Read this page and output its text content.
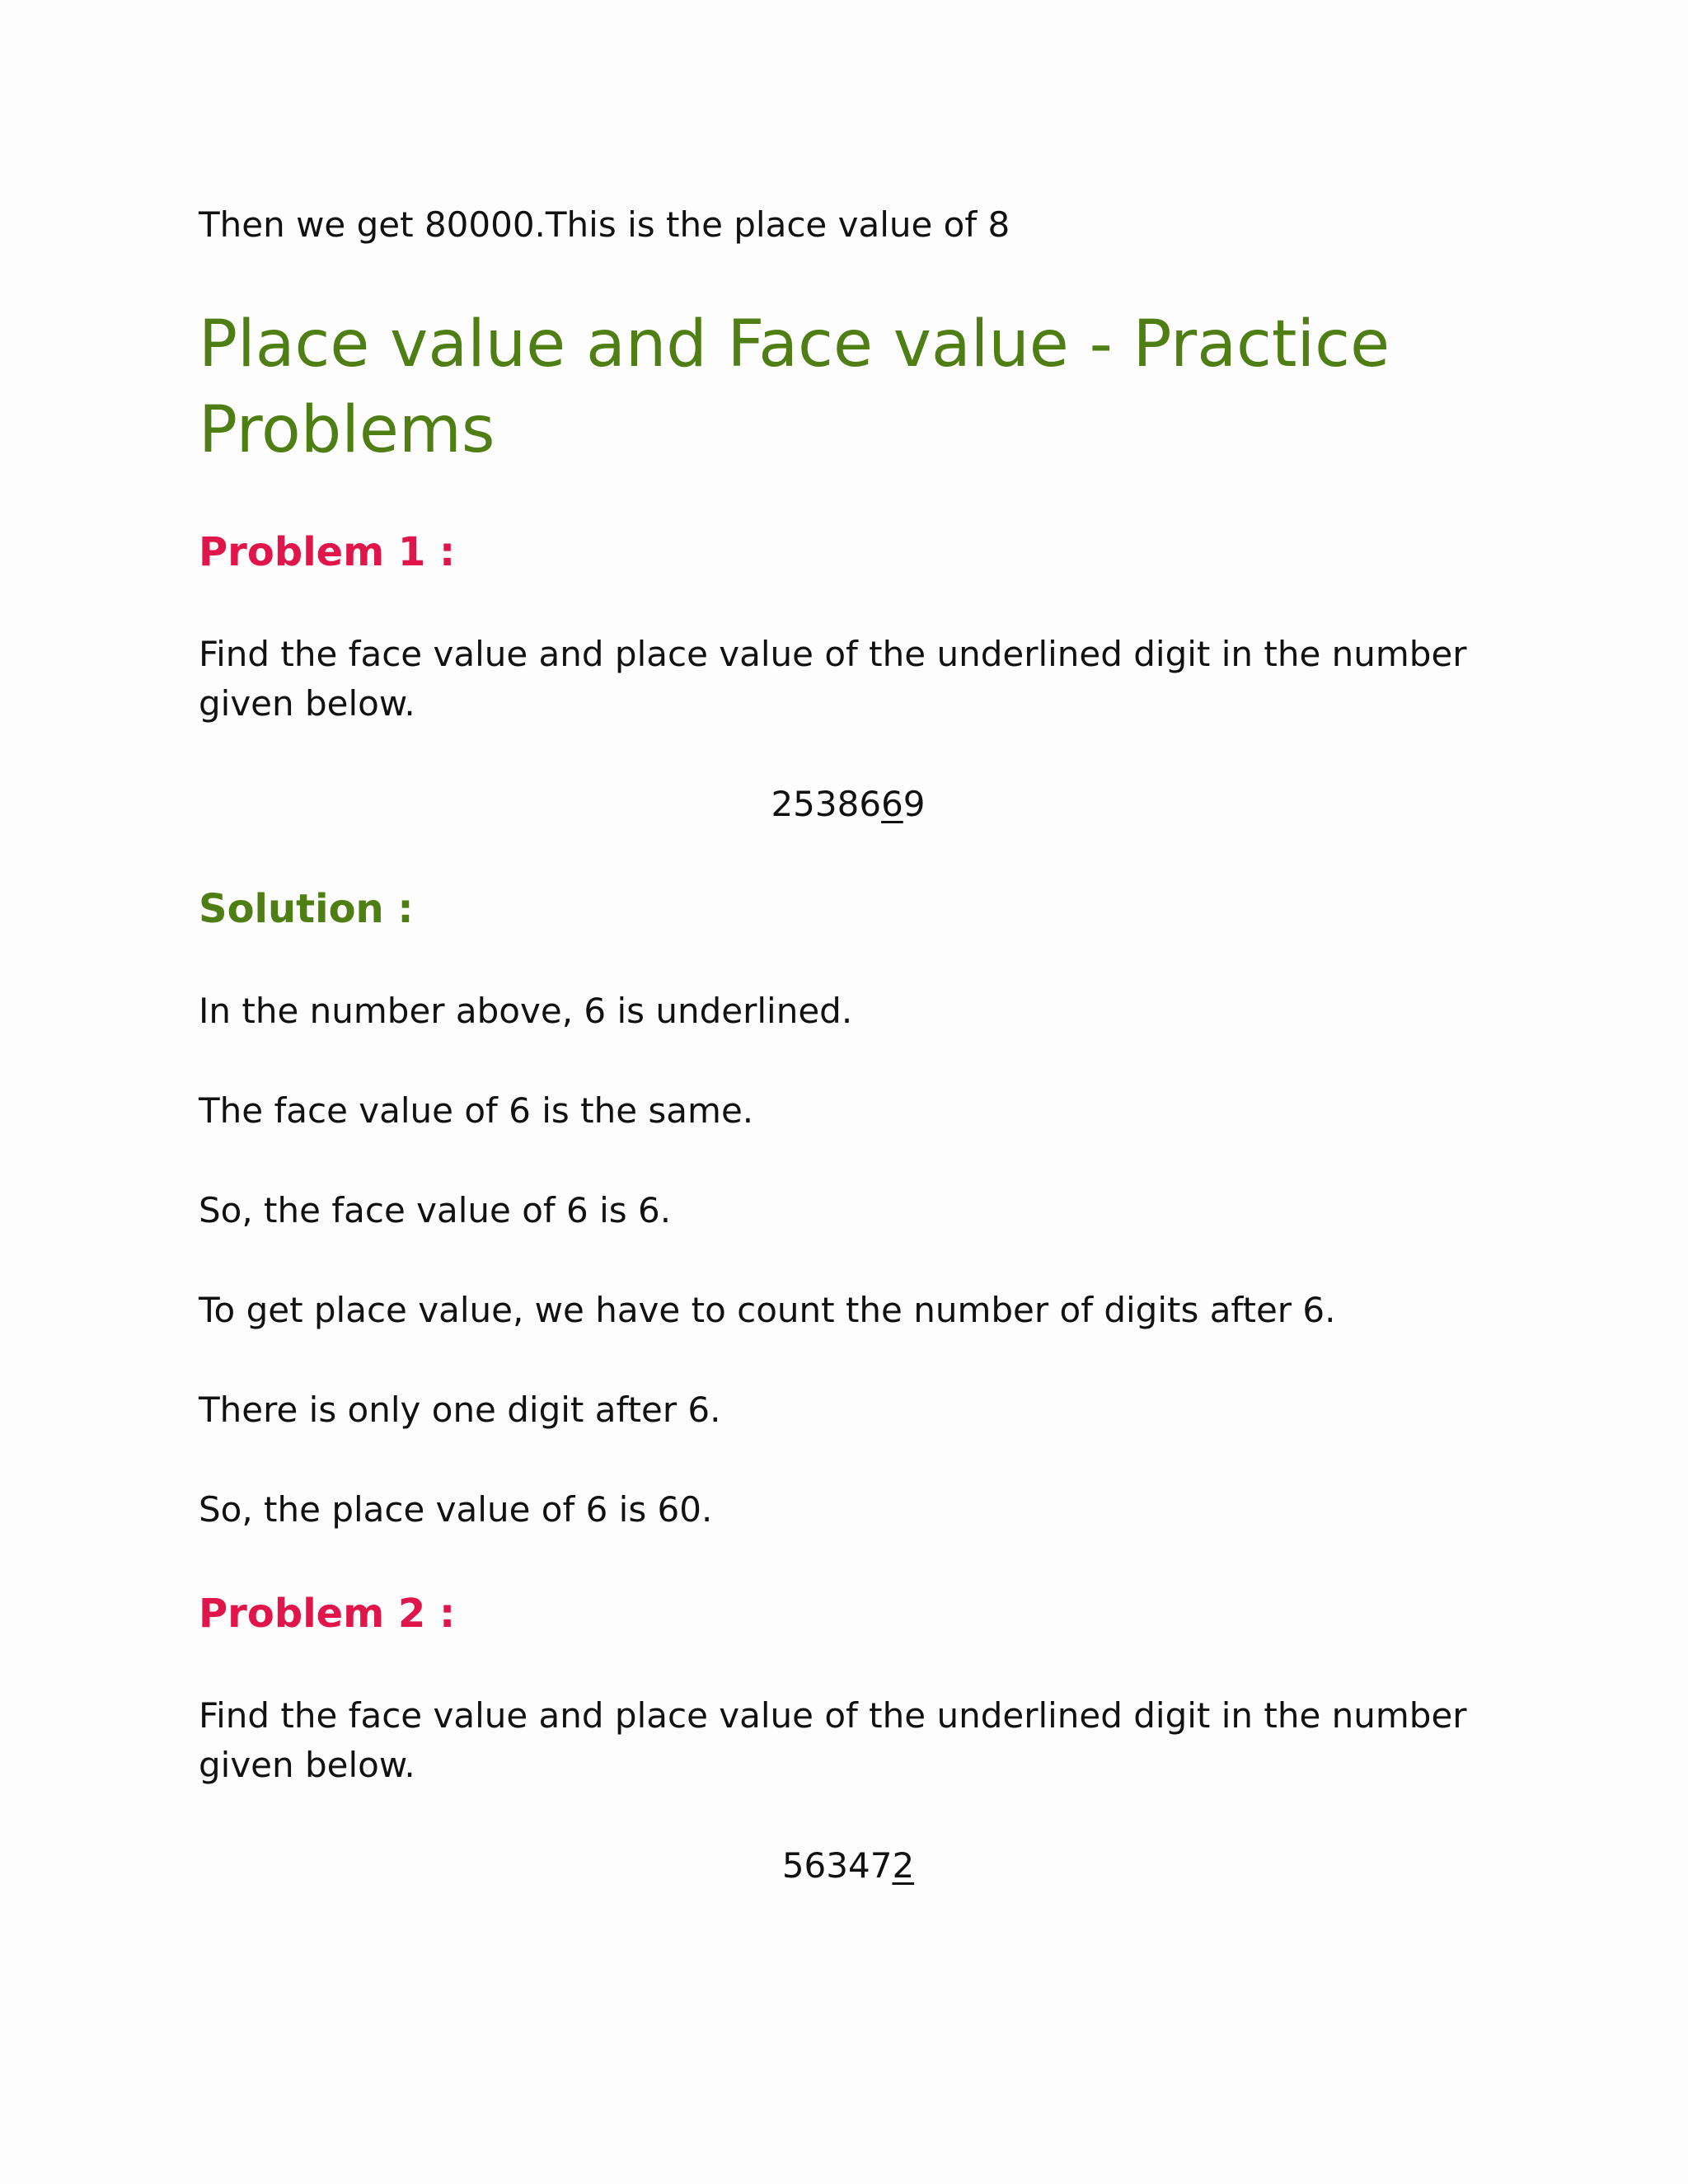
Then we get 80000.This is the place value of 8

Place value and Face value - Practice Problems
Problem 1 :

Find the face value and place value of the underlined digit in the number given below.

2538669

Solution :

In the number above, 6 is underlined.

The face value of 6 is the same.

So, the face value of 6 is 6.

To get place value, we have to count the number of digits after 6.

There is only one digit after 6.

So, the place value of 6 is 60.

Problem 2 :

Find the face value and place value of the underlined digit in the number given below.

563472
